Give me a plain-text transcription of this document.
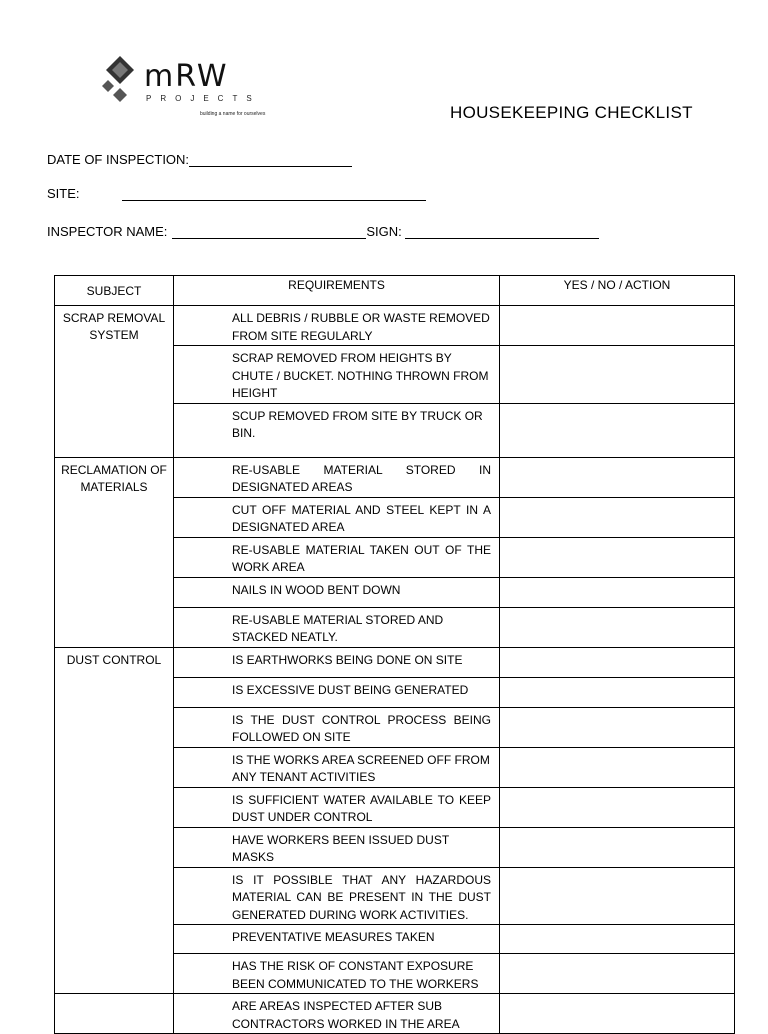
mRW
PROJECTS
building a name for ourselves	HOUSEKEEPING CHECKLIST
DATE OF INSPECTION:
SITE:
INSPECTOR NAME:	SIGN:
SUBJECT	REQUIREMENTS	YES / NO / ACTION
SCRAP REMOVAL SYSTEM	ALL DEBRIS / RUBBLE OR WASTE REMOVED FROM SITE REGULARLY	
	SCRAP REMOVED FROM HEIGHTS BY CHUTE / BUCKET. NOTHING THROWN FROM HEIGHT	
	SCUP REMOVED FROM SITE BY TRUCK OR BIN.	
RECLAMATION OF MATERIALS	RE-USABLE MATERIAL STORED IN DESIGNATED AREAS	
	CUT OFF MATERIAL AND STEEL KEPT IN A DESIGNATED AREA	
	RE-USABLE MATERIAL TAKEN OUT OF THE WORK AREA	
	NAILS IN WOOD BENT DOWN	
	RE-USABLE MATERIAL STORED AND STACKED NEATLY.	
DUST CONTROL	IS EARTHWORKS BEING DONE ON SITE	
	IS EXCESSIVE DUST BEING GENERATED	
	IS THE DUST CONTROL PROCESS BEING FOLLOWED ON SITE	
	IS THE WORKS AREA SCREENED OFF FROM ANY TENANT ACTIVITIES	
	IS SUFFICIENT WATER AVAILABLE TO KEEP DUST UNDER CONTROL	
	HAVE WORKERS BEEN ISSUED DUST MASKS	
	IS IT POSSIBLE THAT ANY HAZARDOUS MATERIAL CAN BE PRESENT IN THE DUST GENERATED DURING WORK ACTIVITIES.	
	PREVENTATIVE MEASURES TAKEN	
	HAS THE RISK OF CONSTANT EXPOSURE BEEN COMMUNICATED TO THE WORKERS	
	ARE AREAS INSPECTED AFTER SUB CONTRACTORS WORKED IN THE AREA	
